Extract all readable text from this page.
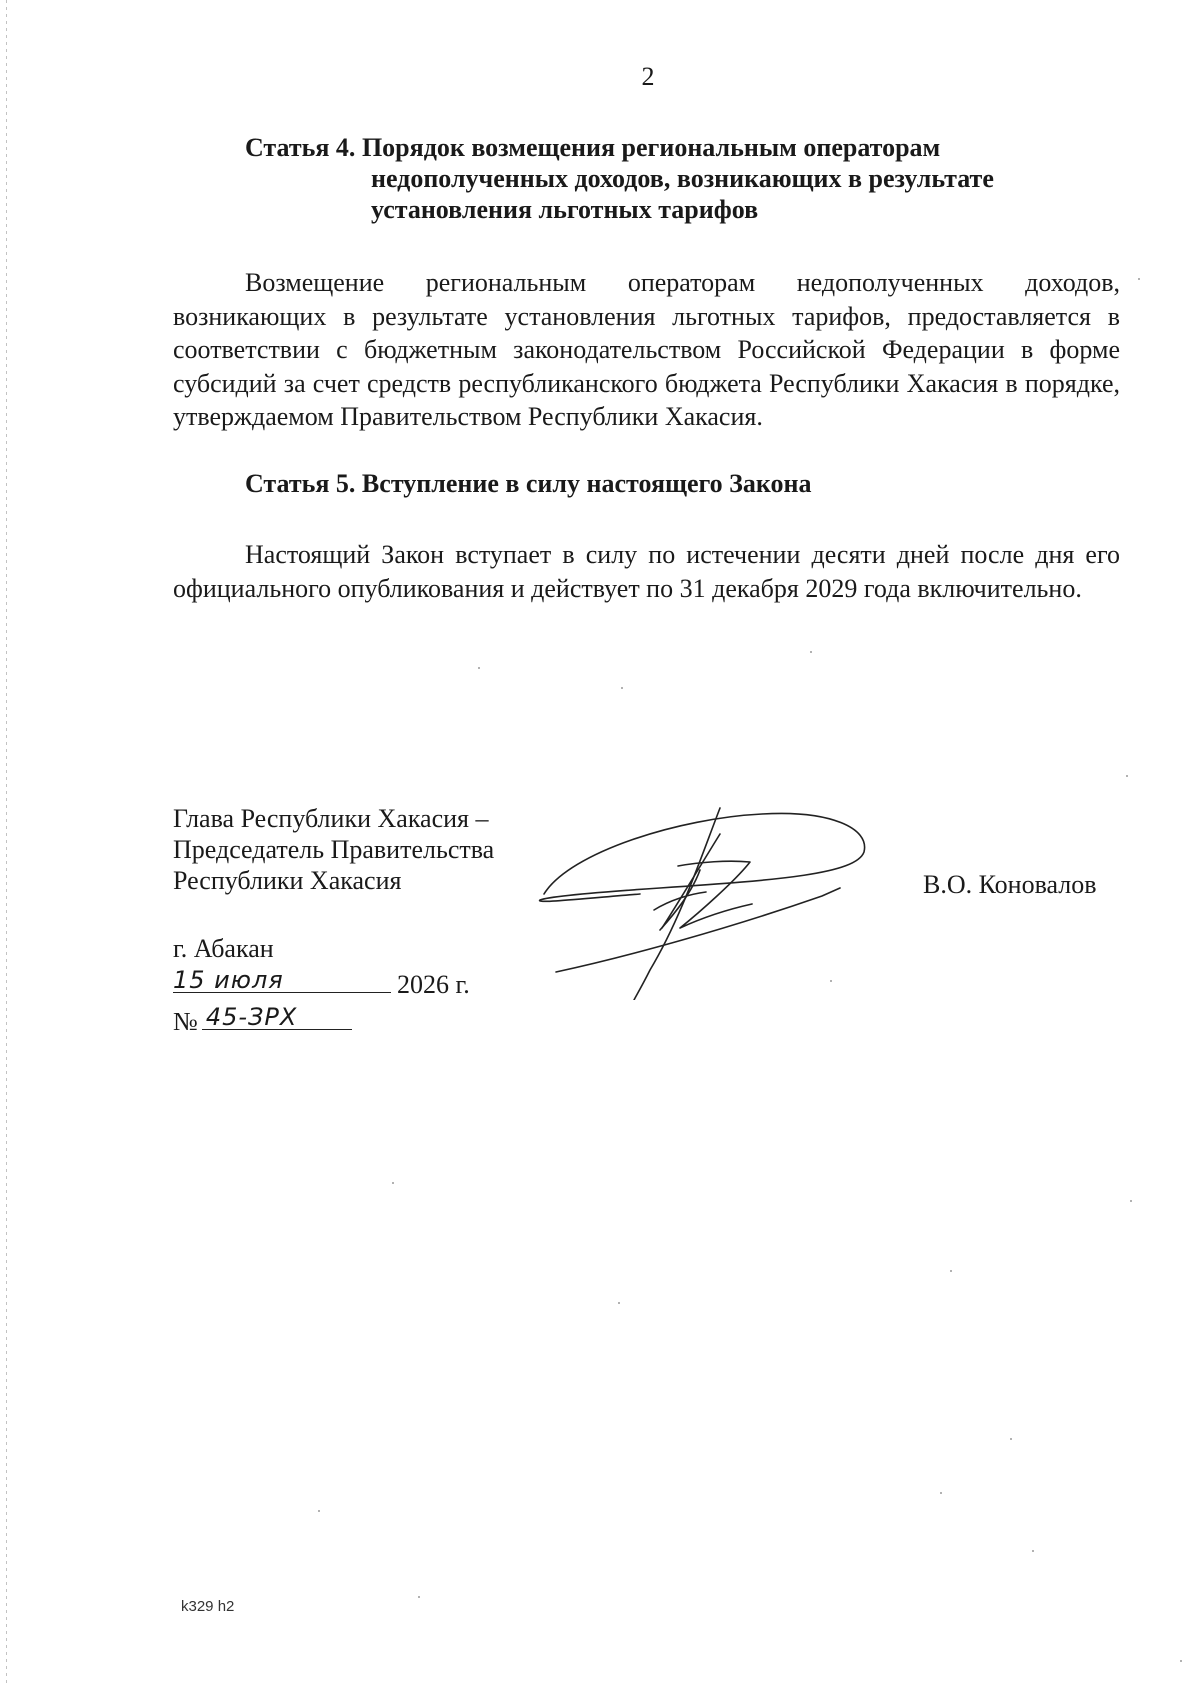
2
Статья 4. Порядок возмещения региональным операторам
недополученных доходов, возникающих в результате
установления льготных тарифов
Возмещение региональным операторам недополученных доходов, возникающих в результате установления льготных тарифов, предоставляется в соответствии с бюджетным законодательством Российской Федерации в форме субсидий за счет средств республиканского бюджета Республики Хакасия в порядке, утверждаемом Правительством Республики Хакасия.
Статья 5. Вступление в силу настоящего Закона
Настоящий Закон вступает в силу по истечении десяти дней после дня его официального опубликования и действует по 31 декабря 2029 года включительно.
Глава Республики Хакасия –
Председатель Правительства
Республики Хакасия	В.О. Коновалов
г. Абакан
15 июля	2026 г.
№ 45-ЗРХ
k329 h2
